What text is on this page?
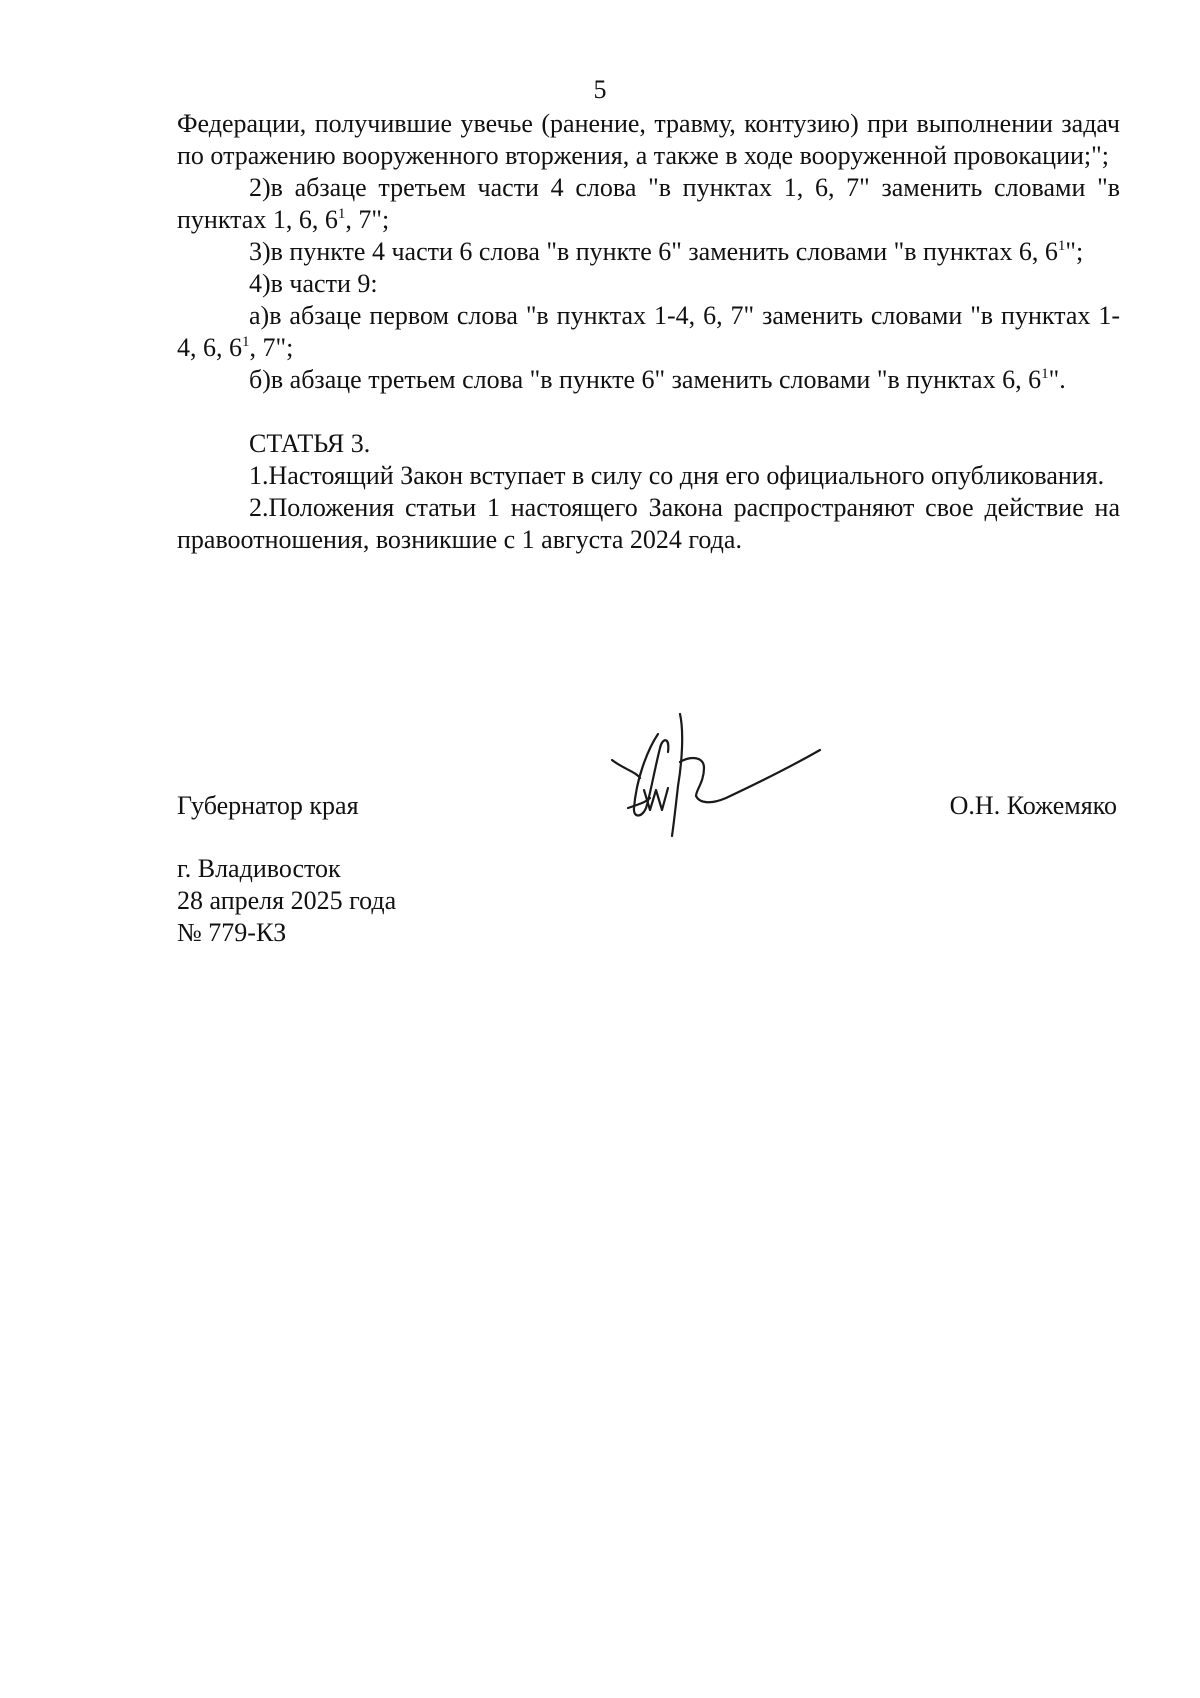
5

Федерации, получившие увечье (ранение, травму, контузию) при выполнении задач по отражению вооруженного вторжения, а также в ходе вооруженной провокации;";

2)в абзаце третьем части 4 слова "в пунктах 1, 6, 7" заменить словами "в пунктах 1, 6, $6^1$, 7";

3)в пункте 4 части 6 слова "в пункте 6" заменить словами "в пунктах 6, $6^1$";

4)в части 9:

а)в абзаце первом слова "в пунктах 1-4, 6, 7" заменить словами "в пунктах 1-4, 6, $6^1$, 7";

б)в абзаце третьем слова "в пункте 6" заменить словами "в пунктах 6, $6^1$".

СТАТЬЯ 3.

1.Настоящий Закон вступает в силу со дня его официального опубликования.

2.Положения статьи 1 настоящего Закона распространяют свое действие на правоотношения, возникшие с 1 августа 2024 года.

Губернатор края	О.Н. Кожемяко
г. Владивосток
28 апреля 2025 года
№ 779-КЗ
